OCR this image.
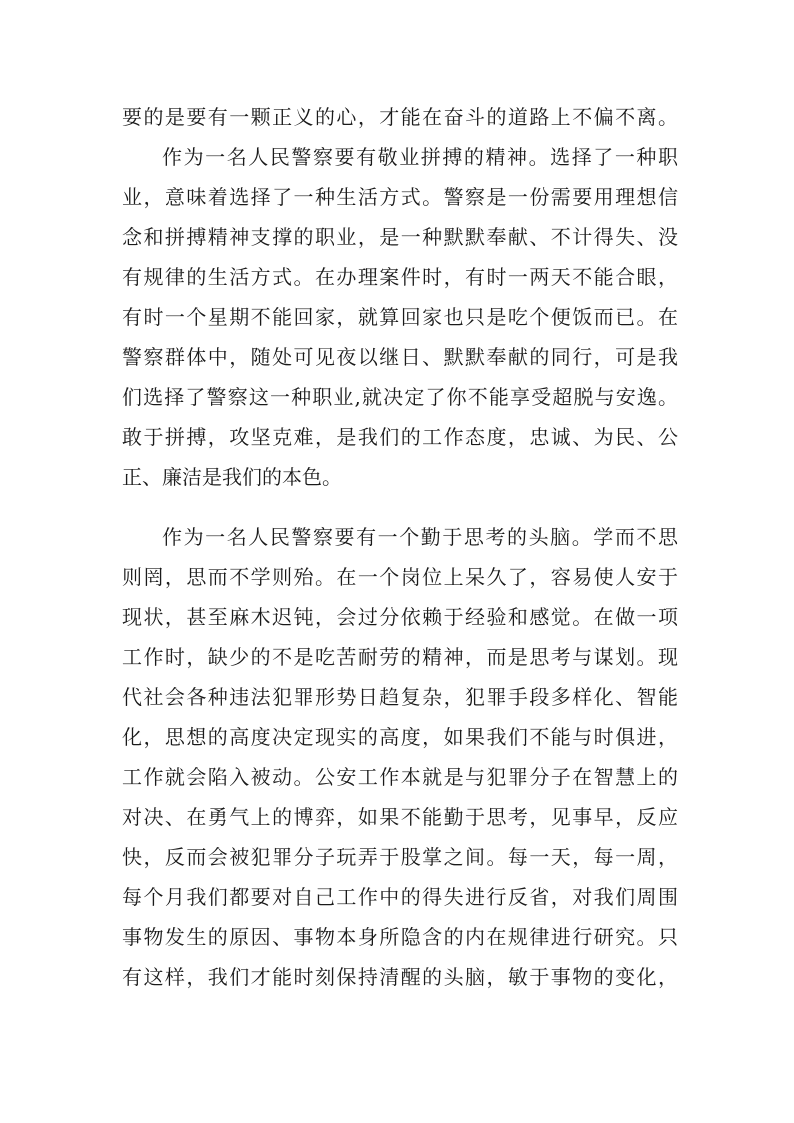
要的是要有一颗正义的心，才能在奋斗的道路上不偏不离。
作为一名人民警察要有敬业拼搏的精神。选择了一种职
业，意味着选择了一种生活方式。警察是一份需要用理想信
念和拼搏精神支撑的职业，是一种默默奉献、不计得失、没
有规律的生活方式。在办理案件时，有时一两天不能合眼，
有时一个星期不能回家，就算回家也只是吃个便饭而已。在
警察群体中，随处可见夜以继日、默默奉献的同行，可是我
们选择了警察这一种职业,就决定了你不能享受超脱与安逸。
敢于拼搏，攻坚克难，是我们的工作态度，忠诚、为民、公
正、廉洁是我们的本色。
作为一名人民警察要有一个勤于思考的头脑。学而不思
则罔，思而不学则殆。在一个岗位上呆久了，容易使人安于
现状，甚至麻木迟钝，会过分依赖于经验和感觉。在做一项
工作时，缺少的不是吃苦耐劳的精神，而是思考与谋划。现
代社会各种违法犯罪形势日趋复杂，犯罪手段多样化、智能
化，思想的高度决定现实的高度，如果我们不能与时俱进，
工作就会陷入被动。公安工作本就是与犯罪分子在智慧上的
对决、在勇气上的博弈，如果不能勤于思考，见事早，反应
快，反而会被犯罪分子玩弄于股掌之间。每一天，每一周，
每个月我们都要对自己工作中的得失进行反省，对我们周围
事物发生的原因、事物本身所隐含的内在规律进行研究。只
有这样，我们才能时刻保持清醒的头脑，敏于事物的变化，
